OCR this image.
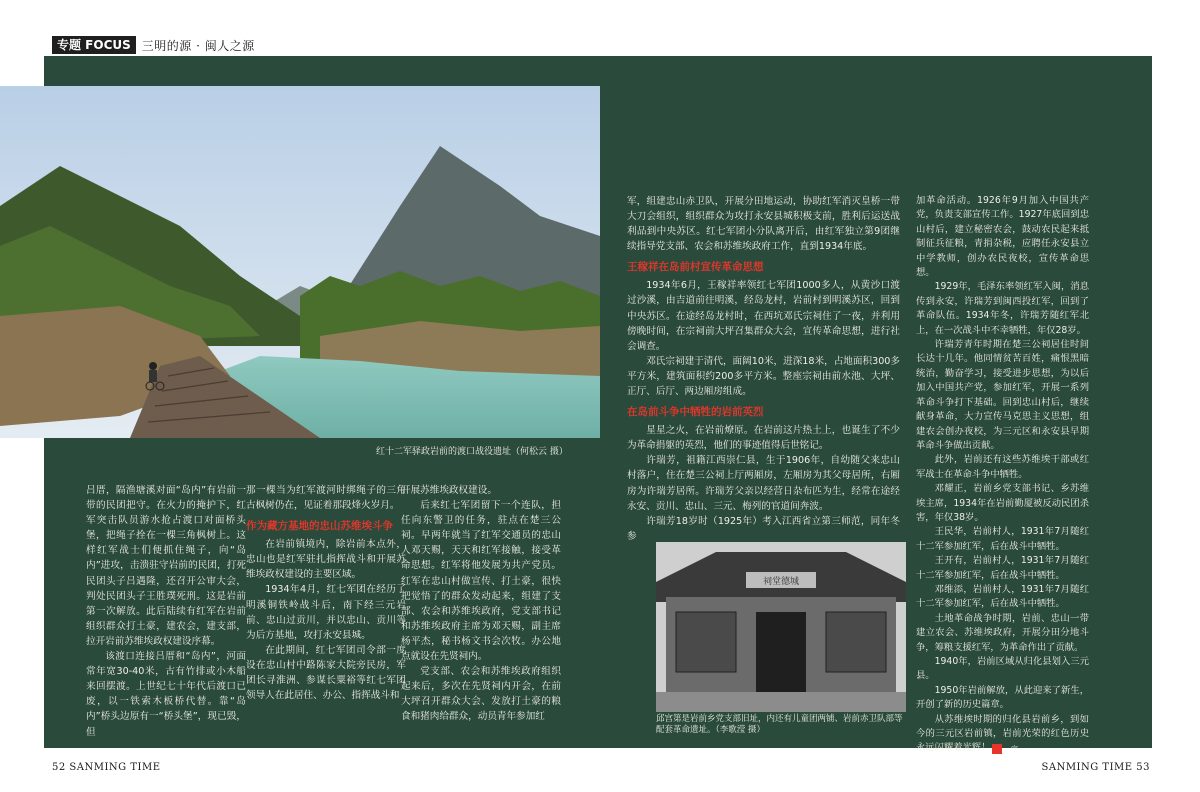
专题 FOCUS 三明的源 · 闽人之源
红十二军驿政岩前的渡口战役遗址（何松云 摄）
祠堂德城
邱宫第是岩前乡党支部旧址，内还有儿童团两铺、岩前赤卫队部等配套革命遗址。（李歌滢 摄）

吕厝，隔渔塘溪对面“岛内”有岩前一带的民团把守。在火力的掩护下，红军突击队员游水抢占渡口对面桥头堡，把绳子拴在一棵三角枫树上。这样红军战士们便抓住绳子，向“岛内”进攻，击溃驻守岩前的民团，打死民团头子吕遇隆，还召开公审大会，判处民团头子王胜璞死刑。这是岩前第一次解放。此后陆续有红军在岩前组织群众打土豪，建农会，建支部，拉开岩前苏维埃政权建设序幕。

该渡口连接吕厝和“岛内”，河面常年宽30-40米，古有竹排或小木船来回摆渡。上世纪七十年代后渡口已废，以一铁索木板桥代替。靠“岛内”桥头边原有一“桥头堡”，现已毁，但

那一棵当为红军渡河时绑绳子的三角古枫树仍在，见证着那段烽火岁月。

作为藏方基地的忠山苏维埃斗争

在岩前镇境内，除岩前本点外，忠山也是红军驻扎指挥战斗和开展苏维埃政权建设的主要区域。

1934年4月，红七军团在经历了明溪铜铁岭战斗后，南下经三元岩前、忠山过贡川，并以忠山、贡川等为后方基地，攻打永安县城。

在此期间，红七军团司令部一度设在忠山村中路陈家大院旁民房，军团长寻淮洲、参谋长粟裕等红七军团领导人在此居住、办公、指挥战斗和

开展苏维埃政权建设。

后来红七军团留下一个连队，担任向东警卫的任务，驻点在楚三公祠。早两年就当了红军交通员的忠山人邓天赐，天天和红军接触，接受革命思想。红军将他发展为共产党员。红军在忠山村做宣传、打土豪，很快把觉悟了的群众发动起来，组建了支部、农会和苏维埃政府，党支部书记和苏维埃政府主席为邓天赐，副主席杨平杰，秘书杨文书会次牧。办公地点就设在先贤祠内。

党支部、农会和苏维埃政府组织起来后，多次在先贤祠内开会，在前大坪召开群众大会、发放打土豪的粮食和猪肉给群众，动员青年参加红

军，组建忠山赤卫队，开展分田地运动，协助红军消灭皇桥一带大刀会组织，组织群众为攻打永安县城积极支前，胜利后运送战利品到中央苏区。红七军团小分队离开后，由红军独立第9团继续指导党支部、农会和苏维埃政府工作，直到1934年底。

王稼祥在岛前村宣传革命思想

1934年6月，王稼祥率领红七军团1000多人，从黄沙口渡过沙溪，由吉道前往明溪，经岛龙村，岩前村到明溪苏区，回到中央苏区。在途经岛龙村时，在西坑邓氏宗祠住了一夜，并利用傍晚时间，在宗祠前大坪召集群众大会，宣传革命思想，进行社会调查。

邓氏宗祠建于清代，面阔10米，进深18米，占地面积300多平方米，建筑面积约200多平方米。整座宗祠由前水池、大坪、正厅、后厅、两边厢房组成。

在岛前斗争中牺牲的岩前英烈

星星之火，在岩前燎原。在岩前这片热土上，也诞生了不少为革命捐躯的英烈，他们的事迹值得后世铭记。

许瑞芳，祖籍江西崇仁县，生于1906年，自幼随父来忠山村落户，住在楚三公祠上厅两厢房，左厢房为其父母居所，右厢房为许瑞芳居所。许瑞芳父亲以经营日杂布匹为生，经常在途经永安、贡川、忠山、三元、梅列的官道间奔波。

许瑞芳18岁时（1925年）考入江西省立第三师范，同年冬参

加革命活动。1926年9月加入中国共产党，负责支部宣传工作。1927年底回到忠山村后，建立秘密农会，鼓动农民起来抵制征兵征粮，青捐杂税，应聘任永安县立中学教师，创办农民夜校，宣传革命思想。

1929年，毛泽东率领红军入闽，消息传到永安，许瑞芳到闽西投红军，回到了革命队伍。1934年冬，许瑞芳随红军北上，在一次战斗中不幸牺牲，年仅28岁。

许瑞芳青年时期在楚三公祠居住时间长达十几年。他同情贫苦百姓，痛恨黑暗统治，勤奋学习，接受进步思想，为以后加入中国共产党，参加红军，开展一系列革命斗争打下基础。回到忠山村后，继续献身革命，大力宣传马克思主义思想，组建农会创办夜校，为三元区和永安县早期革命斗争做出贡献。

此外，岩前还有这些苏维埃干部或红军战士在革命斗争中牺牲。

邓耀正，岩前乡党支部书记、乡苏维埃主席，1934年在岩前勤厦被反动民团杀害，年仅38岁。

王民华，岩前村人，1931年7月随红十二军参加红军，后在战斗中牺牲。

王开有，岩前村人，1931年7月随红十二军参加红军，后在战斗中牺牲。

邓维添，岩前村人，1931年7月随红十二军参加红军，后在战斗中牺牲。

土地革命战争时期，岩前、忠山一带建立农会、苏维埃政府，开展分田分地斗争，筹粮支援红军，为革命作出了贡献。

1940年，岩前区域从归化县划入三元县。

1950年岩前解放，从此迎来了新生，开创了新的历史篇章。

从苏维埃时期的归化县岩前乡，到如今的三元区岩前镇，岩前光荣的红色历史永远闪耀着光辉！	完

52 SANMING TIME	SANMING TIME 53
